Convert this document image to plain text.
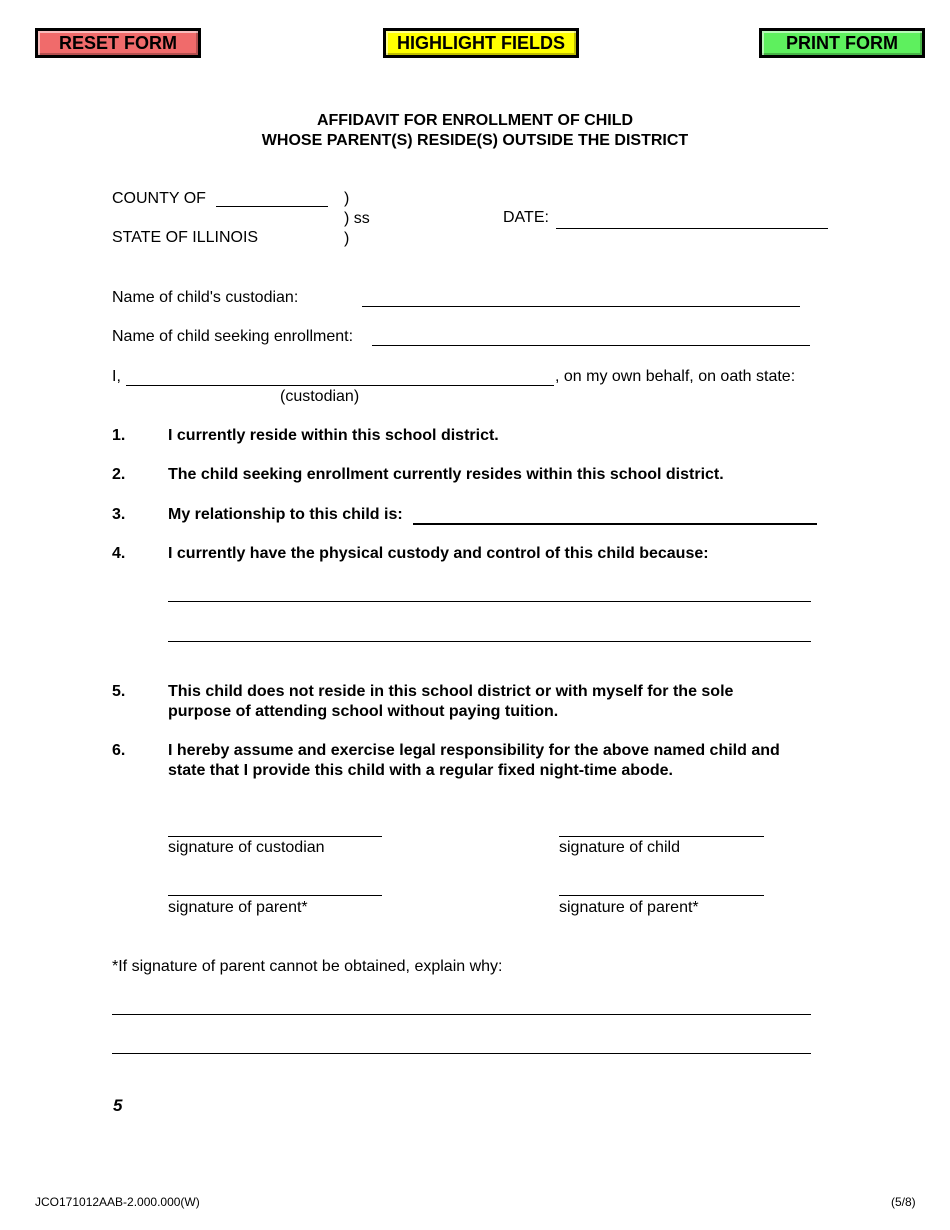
RESET FORM	HIGHLIGHT FIELDS	PRINT FORM
AFFIDAVIT FOR ENROLLMENT OF CHILD
WHOSE PARENT(S) RESIDE(S) OUTSIDE THE DISTRICT
COUNTY OF	)
) ss
)
STATE OF ILLINOIS
DATE:
Name of child's custodian:
Name of child seeking enrollment:
I,	, on my own behalf, on oath state:
(custodian)
1.	I currently reside within this school district.
2.	The child seeking enrollment currently resides within this school district.
3.	My relationship to this child is:
4.	I currently have the physical custody and control of this child because:
5.	This child does not reside in this school district or with myself for the sole
purpose of attending school without paying tuition.
6.	I hereby assume and exercise legal responsibility for the above named child and
state that I provide this child with a regular fixed night-time abode.
signature of custodian	signature of child
signature of parent*	signature of parent*
*If signature of parent cannot be obtained, explain why:
5
JCO171012AAB-2.000.000(W)	(5/8)
